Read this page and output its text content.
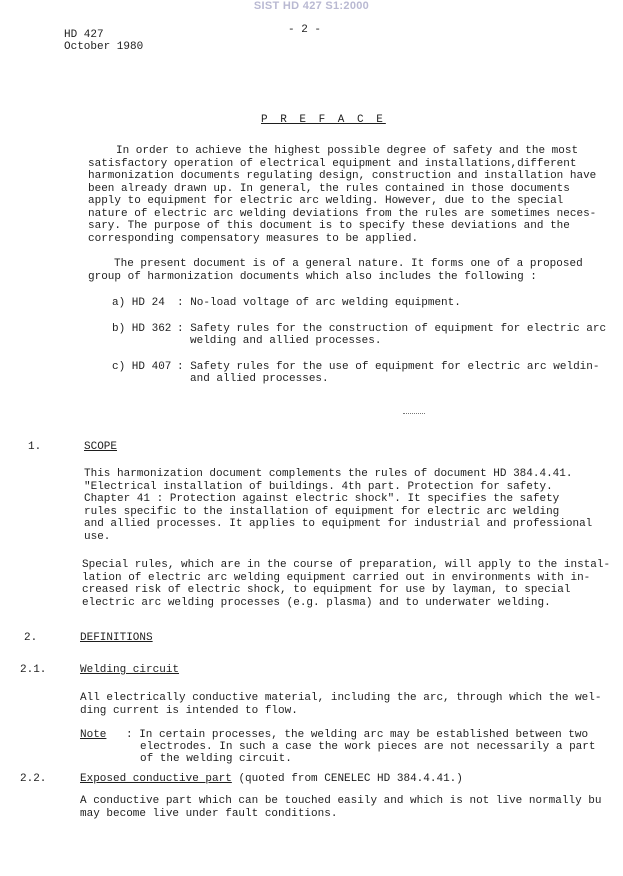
SIST HD 427 S1:2000
HD 427
October 1980
- 2 -
P R E F A C E
In order to achieve the highest possible degree of safety and the most
satisfactory operation of electrical equipment and installations,different
harmonization documents regulating design, construction and installation have
been already drawn up. In general, the rules contained in those documents
apply to equipment for electric arc welding. However, due to the special
nature of electric arc welding deviations from the rules are sometimes neces-
sary. The purpose of this document is to specify these deviations and the
corresponding compensatory measures to be applied.
The present document is of a general nature. It forms one of a proposed
group of harmonization documents which also includes the following :
a) HD 24 : No-load voltage of arc welding equipment.
b) HD 362 : Safety rules for the construction of equipment for electric arc
welding and allied processes.
c) HD 407 : Safety rules for the use of equipment for electric arc weldin-
and allied processes.
1.	SCOPE
This harmonization document complements the rules of document HD 384.4.41.
"Electrical installation of buildings. 4th part. Protection for safety.
Chapter 41 : Protection against electric shock". It specifies the safety
rules specific to the installation of equipment for electric arc welding
and allied processes. It applies to equipment for industrial and professional
use.
Special rules, which are in the course of preparation, will apply to the instal-
lation of electric arc welding equipment carried out in environments with in-
creased risk of electric shock, to equipment for use by layman, to special
electric arc welding processes (e.g. plasma) and to underwater welding.
2.	DEFINITIONS
2.1.	Welding circuit
All electrically conductive material, including the arc, through which the wel-
ding current is intended to flow.
Note : In certain processes, the welding arc may be established between two
electrodes. In such a case the work pieces are not necessarily a part
of the welding circuit.
2.2.	Exposed conductive part (quoted from CENELEC HD 384.4.41.)
A conductive part which can be touched easily and which is not live normally bu
may become live under fault conditions.
